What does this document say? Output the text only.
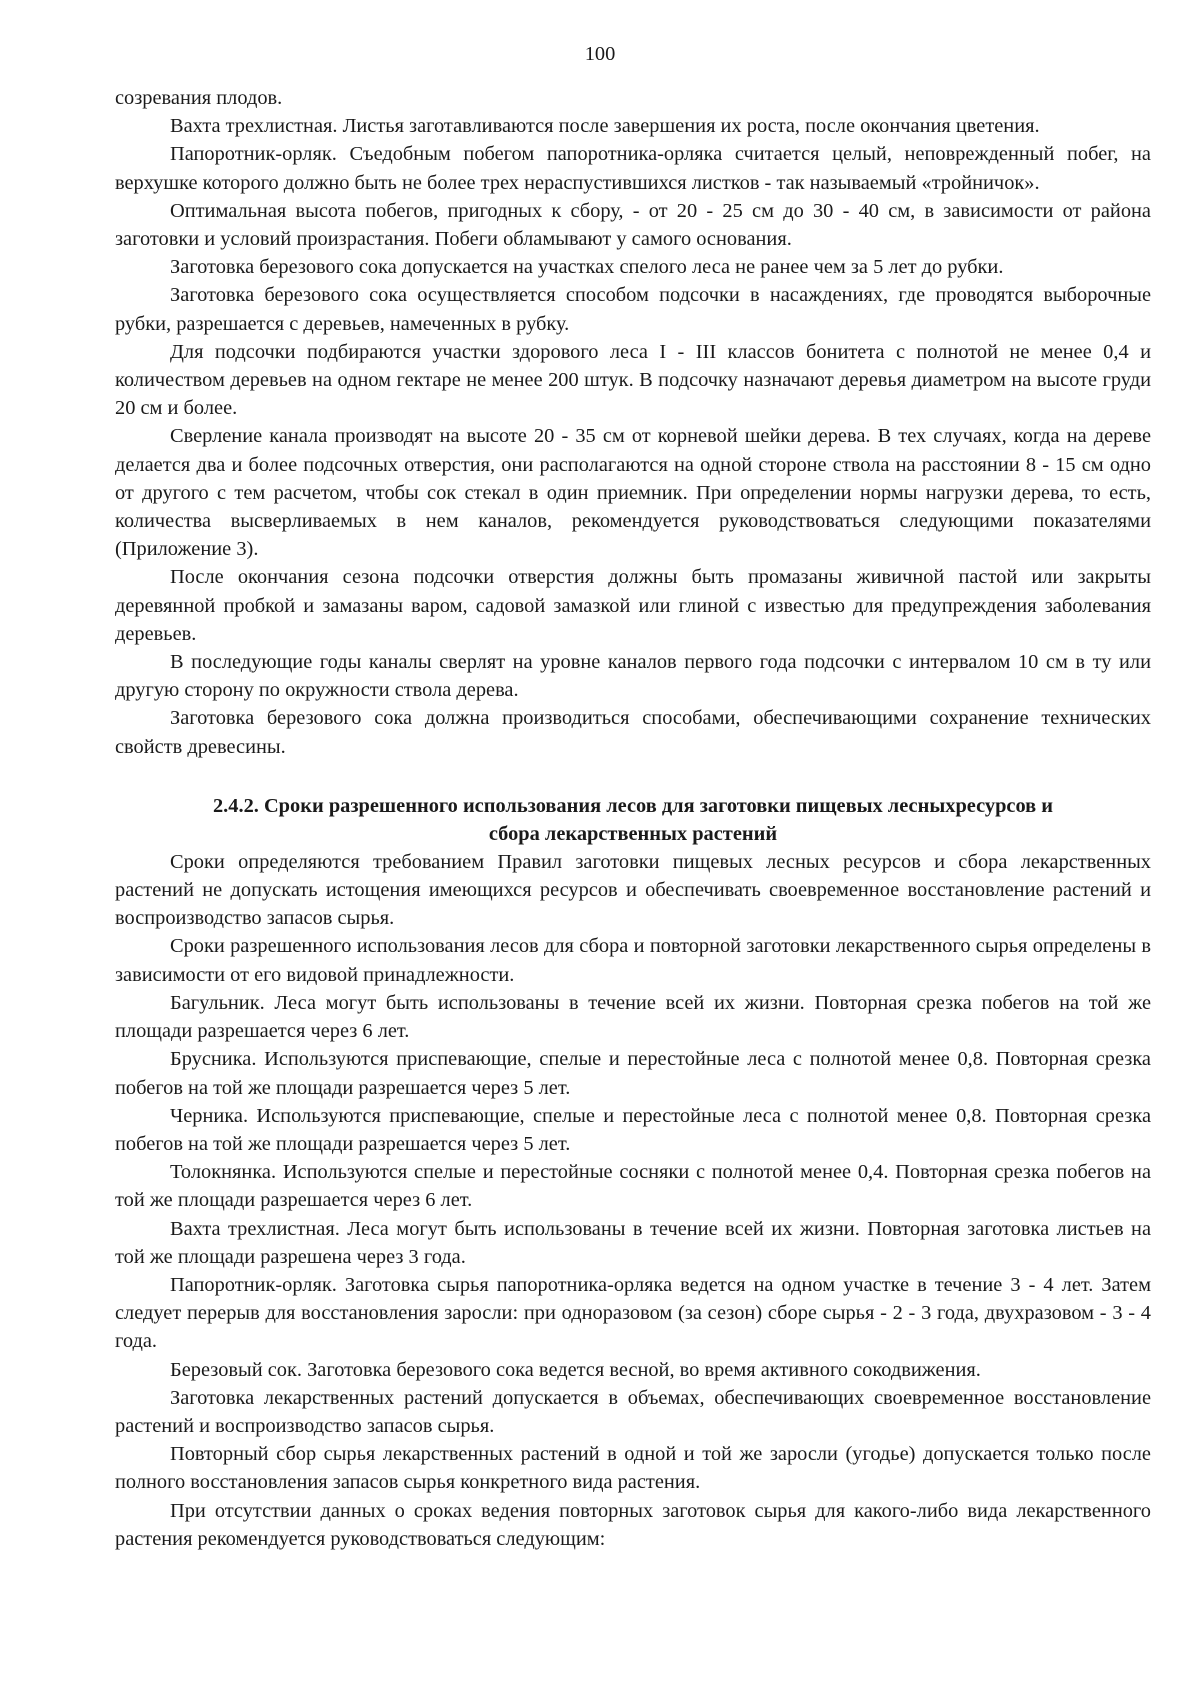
100

созревания плодов.

Вахта трехлистная. Листья заготавливаются после завершения их роста, после окончания цветения.

Папоротник-орляк. Съедобным побегом папоротника-орляка считается целый, неповрежденный побег, на верхушке которого должно быть не более трех нераспустившихся листков - так называемый «тройничок».

Оптимальная высота побегов, пригодных к сбору, - от 20 - 25 см до 30 - 40 см, в зависимости от района заготовки и условий произрастания. Побеги обламывают у самого основания.

Заготовка березового сока допускается на участках спелого леса не ранее чем за 5 лет до рубки.

Заготовка березового сока осуществляется способом подсочки в насаждениях, где проводятся выборочные рубки, разрешается с деревьев, намеченных в рубку.

Для подсочки подбираются участки здорового леса I - III классов бонитета с полнотой не менее 0,4 и количеством деревьев на одном гектаре не менее 200 штук. В подсочку назначают деревья диаметром на высоте груди 20 см и более.

Сверление канала производят на высоте 20 - 35 см от корневой шейки дерева. В тех случаях, когда на дереве делается два и более подсочных отверстия, они располагаются на одной стороне ствола на расстоянии 8 - 15 см одно от другого с тем расчетом, чтобы сок стекал в один приемник. При определении нормы нагрузки дерева, то есть, количества высверливаемых в нем каналов, рекомендуется руководствоваться следующими показателями (Приложение 3).

После окончания сезона подсочки отверстия должны быть промазаны живичной пастой или закрыты деревянной пробкой и замазаны варом, садовой замазкой или глиной с известью для предупреждения заболевания деревьев.

В последующие годы каналы сверлят на уровне каналов первого года подсочки с интервалом 10 см в ту или другую сторону по окружности ствола дерева.

Заготовка березового сока должна производиться способами, обеспечивающими сохранение технических свойств древесины.

2.4.2. Сроки разрешенного использования лесов для заготовки пищевых лесныхресурсов и
сбора лекарственных растений

Сроки определяются требованием Правил заготовки пищевых лесных ресурсов и сбора лекарственных растений не допускать истощения имеющихся ресурсов и обеспечивать своевременное восстановление растений и воспроизводство запасов сырья.

Сроки разрешенного использования лесов для сбора и повторной заготовки лекарственного сырья определены в зависимости от его видовой принадлежности.

Багульник. Леса могут быть использованы в течение всей их жизни. Повторная срезка побегов на той же площади разрешается через 6 лет.

Брусника. Используются приспевающие, спелые и перестойные леса с полнотой менее 0,8. Повторная срезка побегов на той же площади разрешается через 5 лет.

Черника. Используются приспевающие, спелые и перестойные леса с полнотой менее 0,8. Повторная срезка побегов на той же площади разрешается через 5 лет.

Толокнянка. Используются спелые и перестойные сосняки с полнотой менее 0,4. Повторная срезка побегов на той же площади разрешается через 6 лет.

Вахта трехлистная. Леса могут быть использованы в течение всей их жизни. Повторная заготовка листьев на той же площади разрешена через 3 года.

Папоротник-орляк. Заготовка сырья папоротника-орляка ведется на одном участке в течение 3 - 4 лет. Затем следует перерыв для восстановления заросли: при одноразовом (за сезон) сборе сырья - 2 - 3 года, двухразовом - 3 - 4 года.

Березовый сок. Заготовка березового сока ведется весной, во время активного сокодвижения.

Заготовка лекарственных растений допускается в объемах, обеспечивающих своевременное восстановление растений и воспроизводство запасов сырья.

Повторный сбор сырья лекарственных растений в одной и той же заросли (угодье) допускается только после полного восстановления запасов сырья конкретного вида растения.

При отсутствии данных о сроках ведения повторных заготовок сырья для какого-либо вида лекарственного растения рекомендуется руководствоваться следующим:
